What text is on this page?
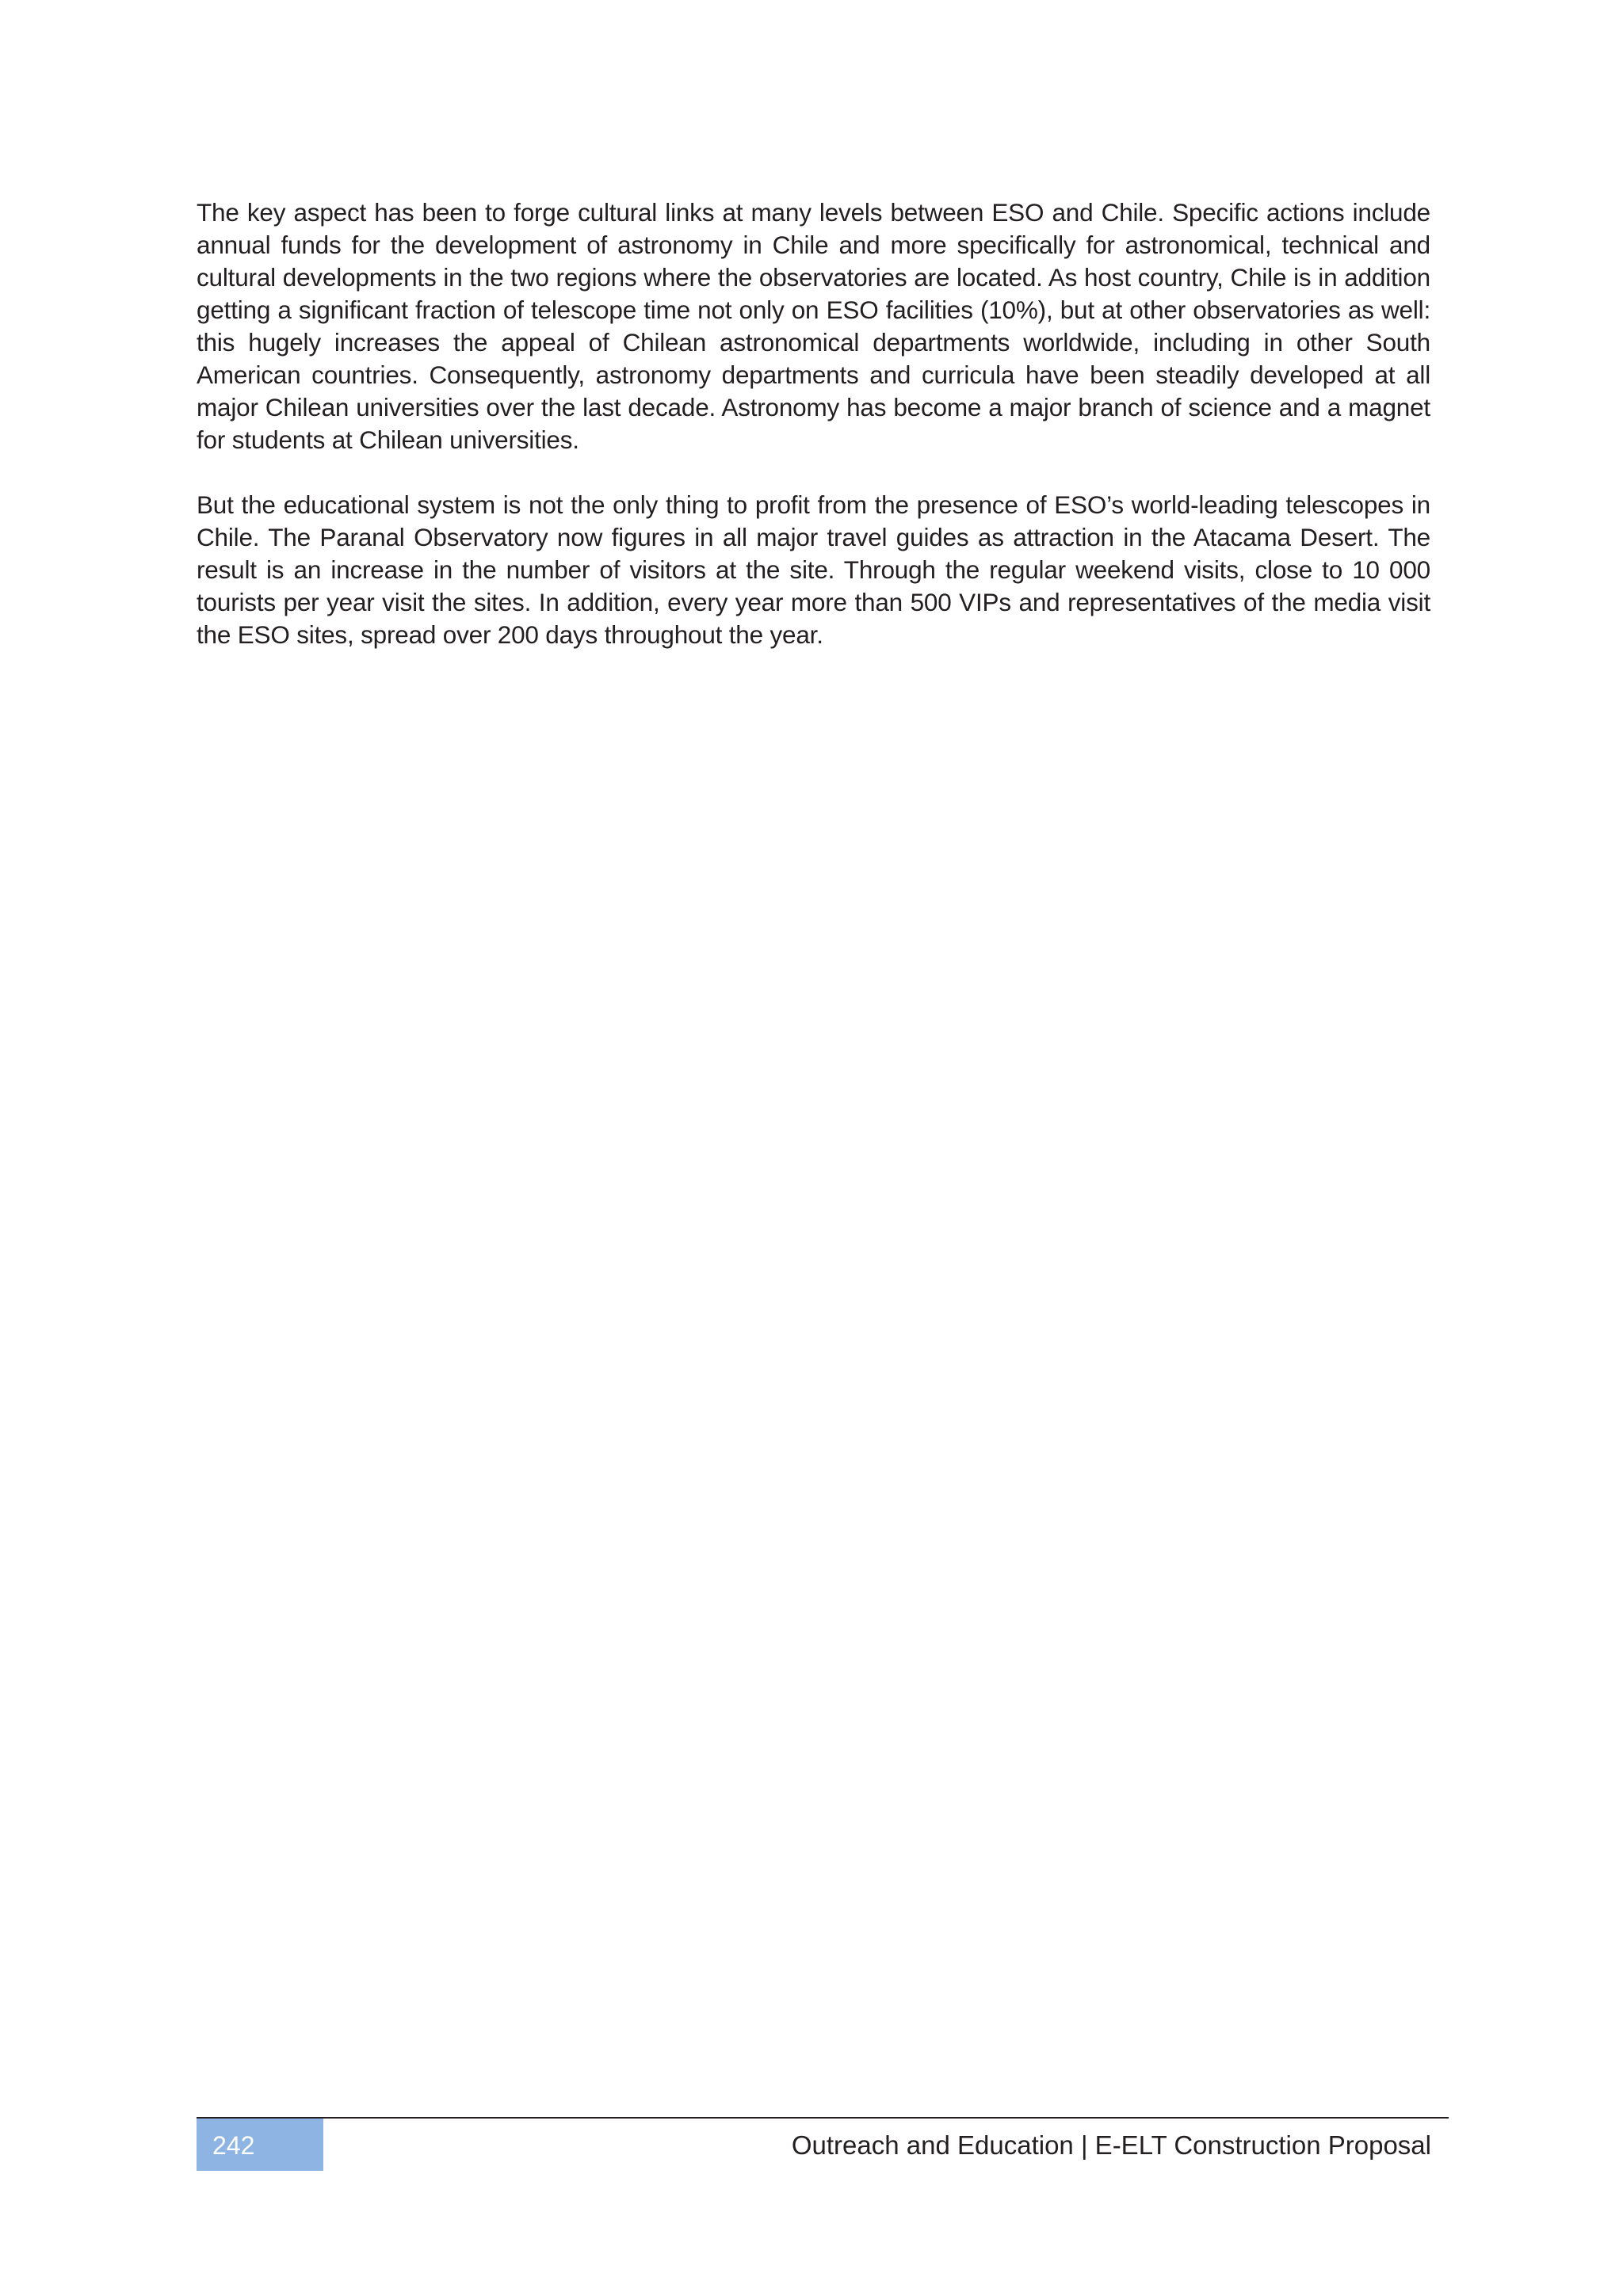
The key aspect has been to forge cultural links at many levels between ESO and Chile. Specific actions include annual funds for the development of astronomy in Chile and more specifically for astronomical, technical and cultural developments in the two regions where the observatories are located. As host country, Chile is in addition getting a significant fraction of telescope time not only on ESO facilities (10%), but at other observatories as well: this hugely increases the appeal of Chilean astronomical departments worldwide, including in other South American countries. Consequently, astronomy departments and curricula have been steadily developed at all major Chilean universities over the last decade. Astronomy has become a major branch of science and a magnet for students at Chilean universities.

But the educational system is not the only thing to profit from the presence of ESO’s world-leading telescopes in Chile. The Paranal Observatory now figures in all major travel guides as attraction in the Atacama Desert. The result is an increase in the number of visitors at the site. Through the regular weekend visits, close to 10 000 tourists per year visit the sites. In addition, every year more than 500 VIPs and representatives of the media visit the ESO sites, spread over 200 days throughout the year.

242	Outreach and Education | E-ELT Construction Proposal
